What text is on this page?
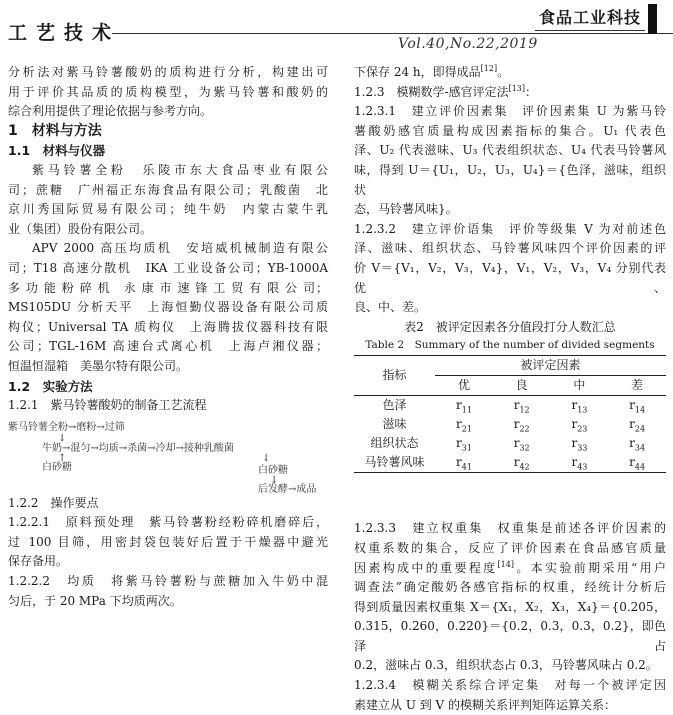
工艺技术
食品工业科技
Vol.40,No.22,2019
分析法对紫马铃薯酸奶的质构进行分析，构建出可
用于评价其品质的质构模型，为紫马铃薯和酸奶的
综合利用提供了理论依据与参考方向。
1　材料与方法
1.1　材料与仪器
紫马铃薯全粉　乐陵市东大食品枣业有限公
司；蔗糖　广州福正东海食品有限公司；乳酸菌　北
京川秀国际贸易有限公司；纯牛奶　内蒙古蒙牛乳
业（集团）股份有限公司。
APV 2000 高压均质机　安培威机械制造有限公
司；T18 高速分散机　IKA 工业设备公司；YB-1000A
多 功 能 粉 碎 机　永 康 市 速 锋 工 贸 有 限 公 司；
MS105DU 分析天平　上海恒勤仪器设备有限公司质
构仪；Universal TA 质构仪　上海腾拔仪器科技有限
公司；TGL-16M 高速台式离心机　上海卢湘仪器；
恒温恒湿箱　美墨尔特有限公司。
1.2　实验方法
1.2.1　紫马铃薯酸奶的制备工艺流程
紫马铃薯全粉→磨粉→过筛
↓
牛奶→混匀→均质→杀菌→冷却→接种乳酸菌
↑
白砂糖
↓
白砂糖
↓
后发酵→成品
1.2.2　操作要点
1.2.2.1　原料预处理　紫马铃薯粉经粉碎机磨碎后，
过 100 目筛，用密封袋包装好后置于干燥器中避光
保存备用。
1.2.2.2　均质　将紫马铃薯粉与蔗糖加入牛奶中混
匀后，于 20 MPa 下均质两次。
下保存 24 h，即得成品[12]。
1.2.3　模糊数学-感官评定法[13]：
1.2.3.1　建立评价因素集　评价因素集 U 为紫马铃
薯酸奶感官质量构成因素指标的集合。U₁ 代表色
泽、U₂ 代表滋味、U₃ 代表组织状态、U₄ 代表马铃薯风
味，得到 U＝{U₁，U₂，U₃，U₄}＝{色泽，滋味，组织状
态，马铃薯风味}。
1.2.3.2　建立评价语集　评价等级集 V 为对前述色
泽、滋味、组织状态、马铃薯风味四个评价因素的评
价 V＝{V₁，V₂，V₃，V₄}，V₁，V₂，V₃，V₄ 分别代表优、
良、中、差。
表2　被评定因素各分值段打分人数汇总
Table 2　Summary of the number of divided segments
指标	被评定因素			
	优	良	中	差
色泽	$r_{11}$	$r_{12}$	$r_{13}$	$r_{14}$
滋味	$r_{21}$	$r_{22}$	$r_{23}$	$r_{24}$
组织状态	$r_{31}$	$r_{32}$	$r_{33}$	$r_{34}$
马铃薯风味	$r_{41}$	$r_{42}$	$r_{43}$	$r_{44}$
1.2.3.3　建立权重集　权重集是前述各评价因素的
权重系数的集合，反应了评价因素在食品感官质量
因素构成中的重要程度[14]。本实验前期采用“用户
调查法”确定酸奶各感官指标的权重，经统计分析后
得到质量因素权重集 X＝{X₁，X₂，X₃，X₄}＝{0.205，
0.315，0.260，0.220}＝{0.2，0.3，0.3，0.2}，即色泽占
0.2，滋味占 0.3，组织状态占 0.3，马铃薯风味占 0.2。
1.2.3.4　模糊关系综合评定集　对每一个被评定因
素建立从 U 到 V 的模糊关系评判矩阵运算关系：
